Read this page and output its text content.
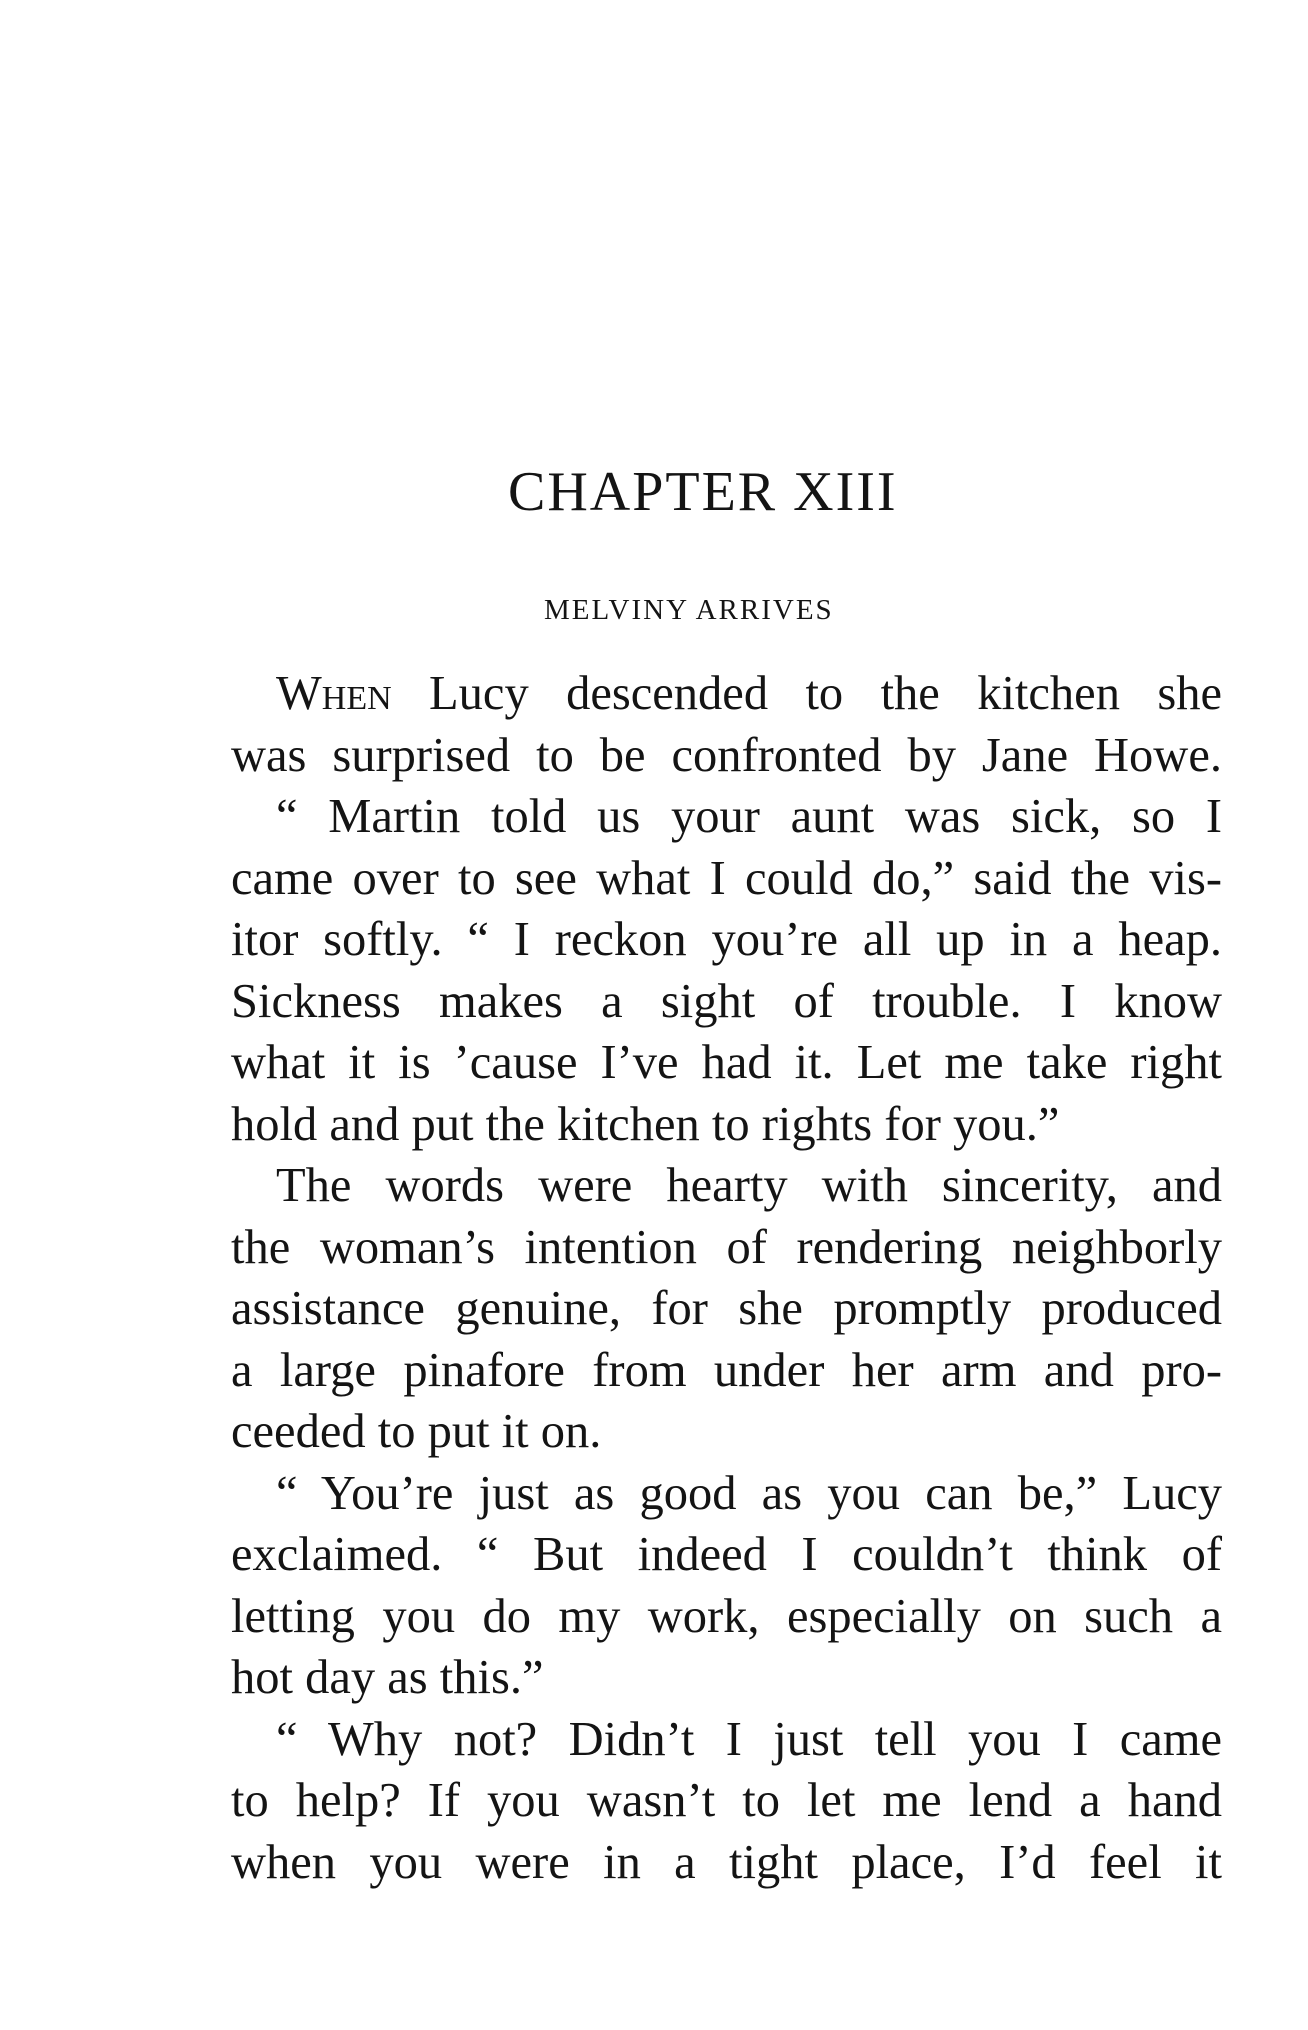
CHAPTER XIII
MELVINY ARRIVES
When Lucy descended to the kitchen she
was surprised to be confronted by Jane Howe.
“ Martin told us your aunt was sick, so I
came over to see what I could do,” said the vis-
itor softly. “ I reckon you’re all up in a heap.
Sickness makes a sight of trouble. I know
what it is ’cause I’ve had it. Let me take right
hold and put the kitchen to rights for you.”
The words were hearty with sincerity, and
the woman’s intention of rendering neighborly
assistance genuine, for she promptly produced
a large pinafore from under her arm and pro-
ceeded to put it on.
“ You’re just as good as you can be,” Lucy
exclaimed. “ But indeed I couldn’t think of
letting you do my work, especially on such a
hot day as this.”
“ Why not? Didn’t I just tell you I came
to help? If you wasn’t to let me lend a hand
when you were in a tight place, I’d feel it
